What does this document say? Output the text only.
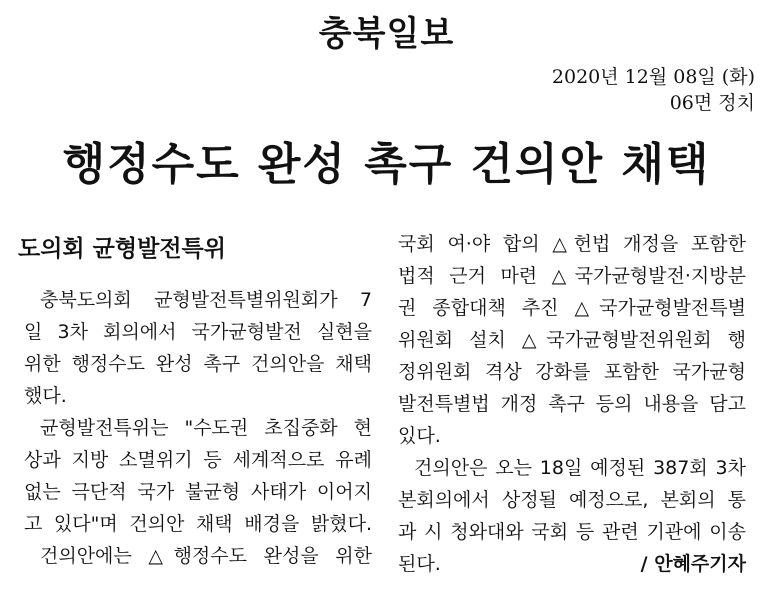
충북일보
2020년 12월 08일 (화)
06면 정치
행정수도 완성 촉구 건의안 채택
도의회 균형발전특위

충북도의회 균형발전특별위원회가 7

일 3차 회의에서 국가균형발전 실현을

위한 행정수도 완성 촉구 건의안을 채택

했다.

균형발전특위는 "수도권 초집중화 현

상과 지방 소멸위기 등 세계적으로 유례

없는 극단적 국가 불균형 사태가 이어지

고 있다"며 건의안 채택 배경을 밝혔다.

건의안에는 △행정수도 완성을 위한

국회 여·야 합의 △헌법 개정을 포함한

법적 근거 마련 △국가균형발전·지방분

권 종합대책 추진 △국가균형발전특별

위원회 설치 △국가균형발전위원회 행

정위원회 격상 강화를 포함한 국가균형

발전특별법 개정 촉구 등의 내용을 담고

있다.

건의안은 오는 18일 예정된 387회 3차

본회의에서 상정될 예정으로, 본회의 통

과 시 청와대와 국회 등 관련 기관에 이송

된다.	/ 안혜주기자
